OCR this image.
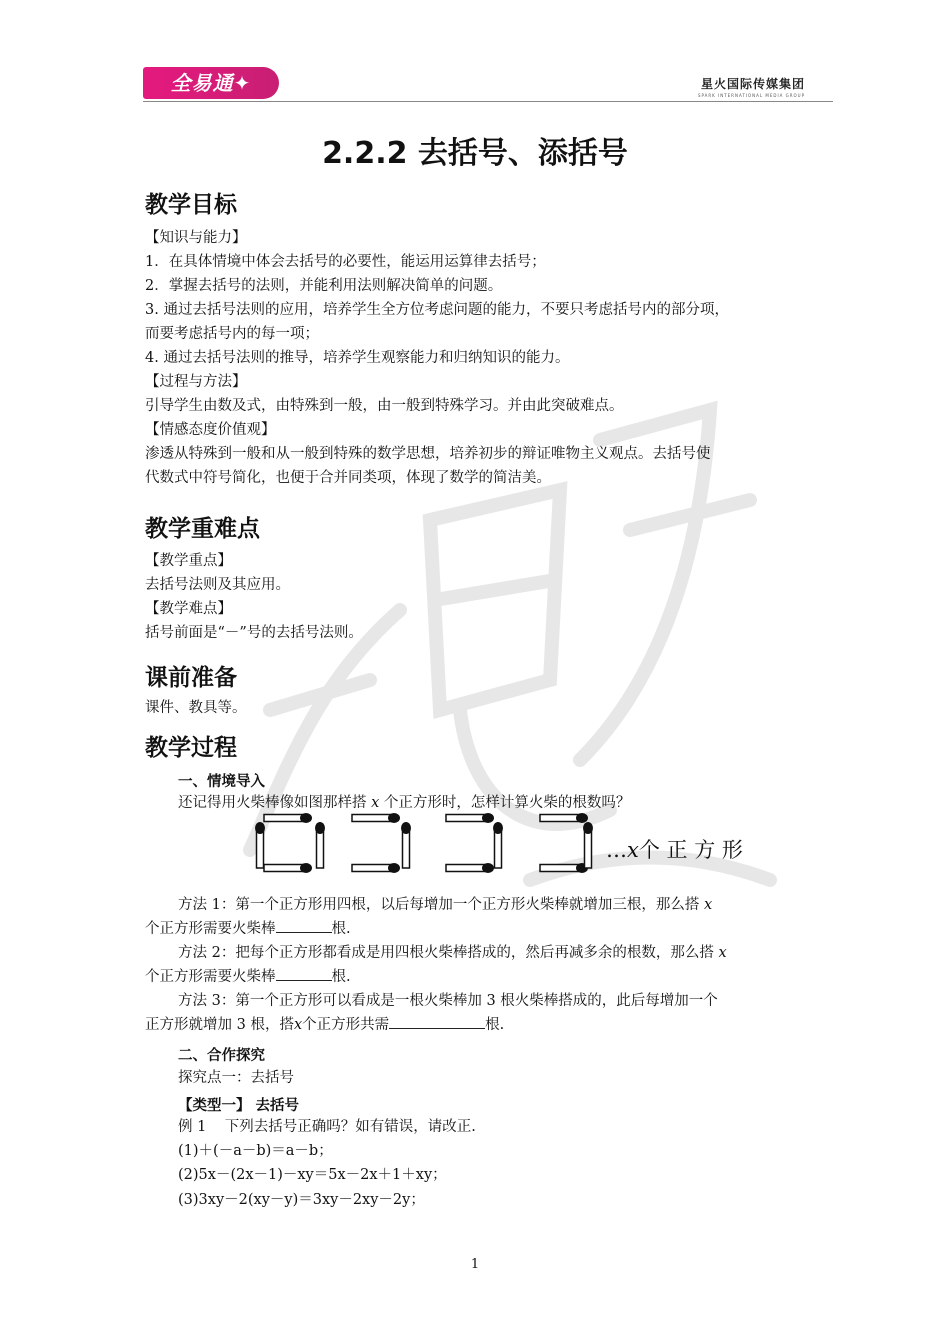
全易通✦	星火国际传媒集团
SPARK INTERNATIONAL MEDIA GROUP
2.2.2 去括号、添括号
教学目标
【知识与能力】
1．在具体情境中体会去括号的必要性，能运用运算律去括号；
2．掌握去括号的法则，并能利用法则解决简单的问题。
3. 通过去括号法则的应用，培养学生全方位考虑问题的能力，不要只考虑括号内的部分项，
而要考虑括号内的每一项；
4. 通过去括号法则的推导，培养学生观察能力和归纳知识的能力。
【过程与方法】
引导学生由数及式，由特殊到一般，由一般到特殊学习。并由此突破难点。
【情感态度价值观】
渗透从特殊到一般和从一般到特殊的数学思想，培养初步的辩证唯物主义观点。去括号使
代数式中符号简化，也便于合并同类项，体现了数学的简洁美。
教学重难点
【教学重点】
去括号法则及其应用。
【教学难点】
括号前面是“－”号的去括号法则。
课前准备
课件、教具等。
教学过程
一、情境导入
还记得用火柴棒像如图那样搭 x 个正方形时，怎样计算火柴的根数吗？
…x个 正 方 形
方法 1：第一个正方形用四根，以后每增加一个正方形火柴棒就增加三根，那么搭 x
个正方形需要火柴棒	根.
方法 2：把每个正方形都看成是用四根火柴棒搭成的，然后再减多余的根数，那么搭 x
个正方形需要火柴棒	根.
方法 3：第一个正方形可以看成是一根火柴棒加 3 根火柴棒搭成的，此后每增加一个
正方形就增加 3 根，搭x个正方形共需	根.
二、合作探究
探究点一：去括号
【类型一】 去括号
例 1 下列去括号正确吗？如有错误，请改正.
(1)＋(－a－b)＝a－b；
(2)5x－(2x－1)－xy＝5x－2x＋1＋xy；
(3)3xy－2(xy－y)＝3xy－2xy－2y；
1
